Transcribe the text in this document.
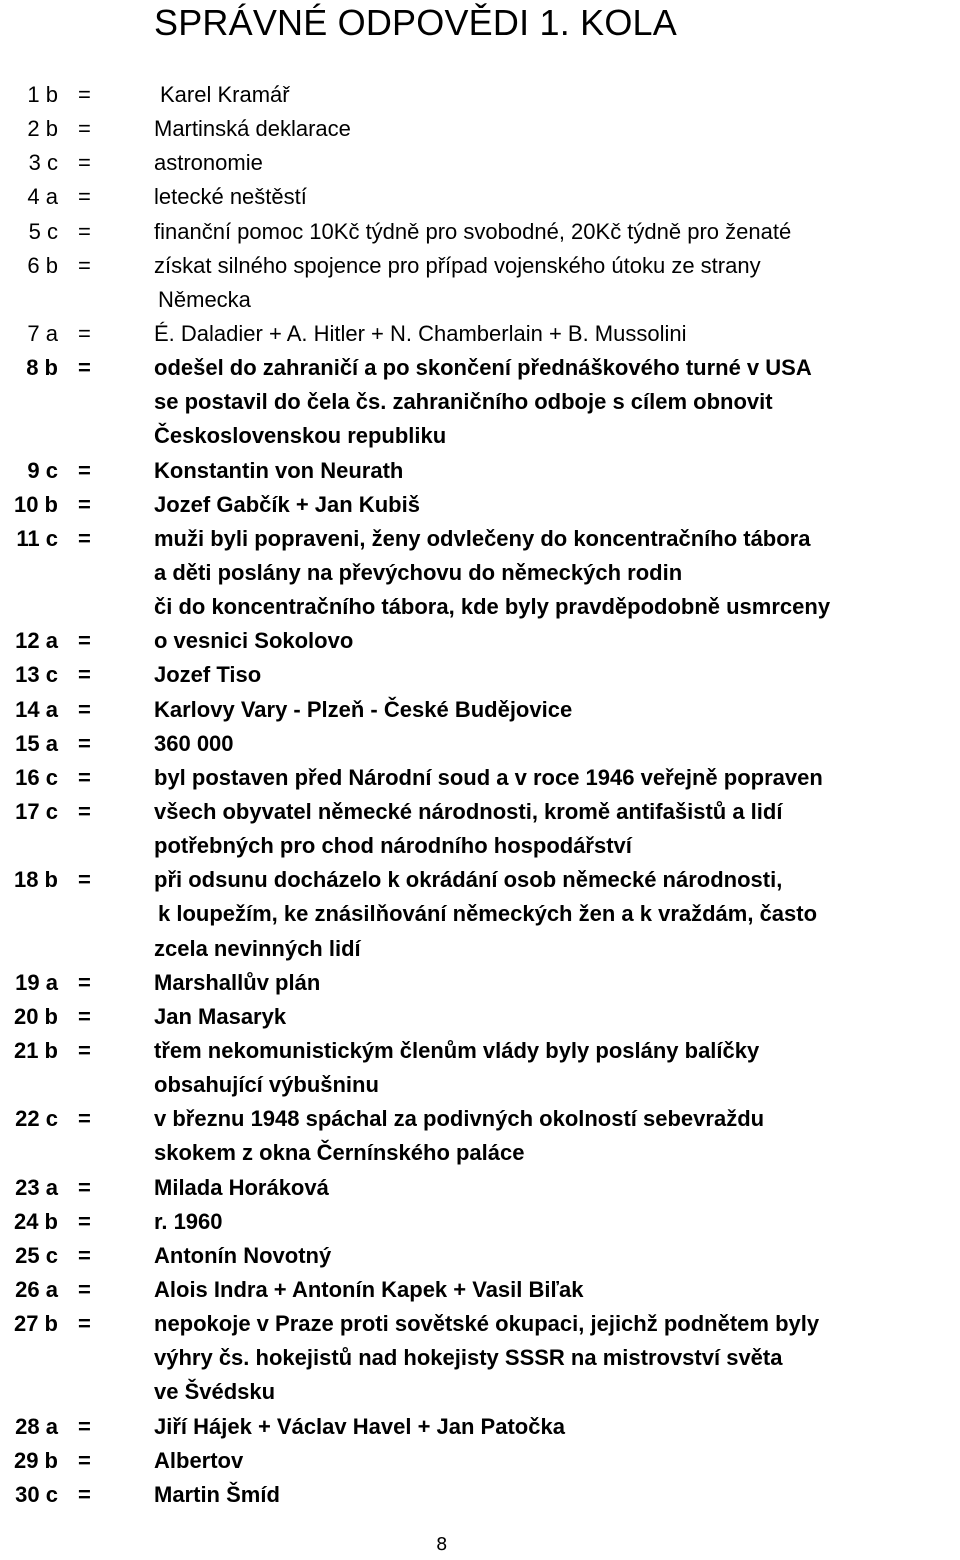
SPRÁVNÉ ODPOVĚDI 1. KOLA
1 b =	Karel Kramář
2 b =	Martinská deklarace
3 c =	astronomie
4 a =	letecké neštěstí
5 c =	finanční pomoc 10Kč týdně pro svobodné, 20Kč týdně pro ženaté
6 b =	získat silného spojence pro případ vojenského útoku ze strany
Německa
7 a =	É. Daladier + A. Hitler + N. Chamberlain + B. Mussolini
8 b =	odešel do zahraničí a po skončení přednáškového turné v USA
se postavil do čela čs. zahraničního odboje s cílem obnovit
Československou republiku
9 c =	Konstantin von Neurath
10 b =	Jozef Gabčík + Jan Kubiš
11 c =	muži byli popraveni, ženy odvlečeny do koncentračního tábora
a děti poslány na převýchovu do německých rodin
či do koncentračního tábora, kde byly pravděpodobně usmrceny
12 a =	o vesnici Sokolovo
13 c =	Jozef Tiso
14 a =	Karlovy Vary - Plzeň - České Budějovice
15 a =	360 000
16 c =	byl postaven před Národní soud a v roce 1946 veřejně popraven
17 c =	všech obyvatel německé národnosti, kromě antifašistů a lidí
potřebných pro chod národního hospodářství
18 b =	při odsunu docházelo k okrádání osob německé národnosti,
k loupežím, ke znásilňování německých žen a k vraždám, často
zcela nevinných lidí
19 a =	Marshallův plán
20 b =	Jan Masaryk
21 b =	třem nekomunistickým členům vlády byly poslány balíčky
obsahující výbušninu
22 c =	v březnu 1948 spáchal za podivných okolností sebevraždu
skokem z okna Černínského paláce
23 a =	Milada Horáková
24 b =	r. 1960
25 c =	Antonín Novotný
26 a =	Alois Indra + Antonín Kapek + Vasil Biľak
27 b =	nepokoje v Praze proti sovětské okupaci, jejichž podnětem byly
výhry čs. hokejistů nad hokejisty SSSR na mistrovství světa
ve Švédsku
28 a =	Jiří Hájek + Václav Havel + Jan Patočka
29 b =	Albertov
30 c =	Martin Šmíd
8
